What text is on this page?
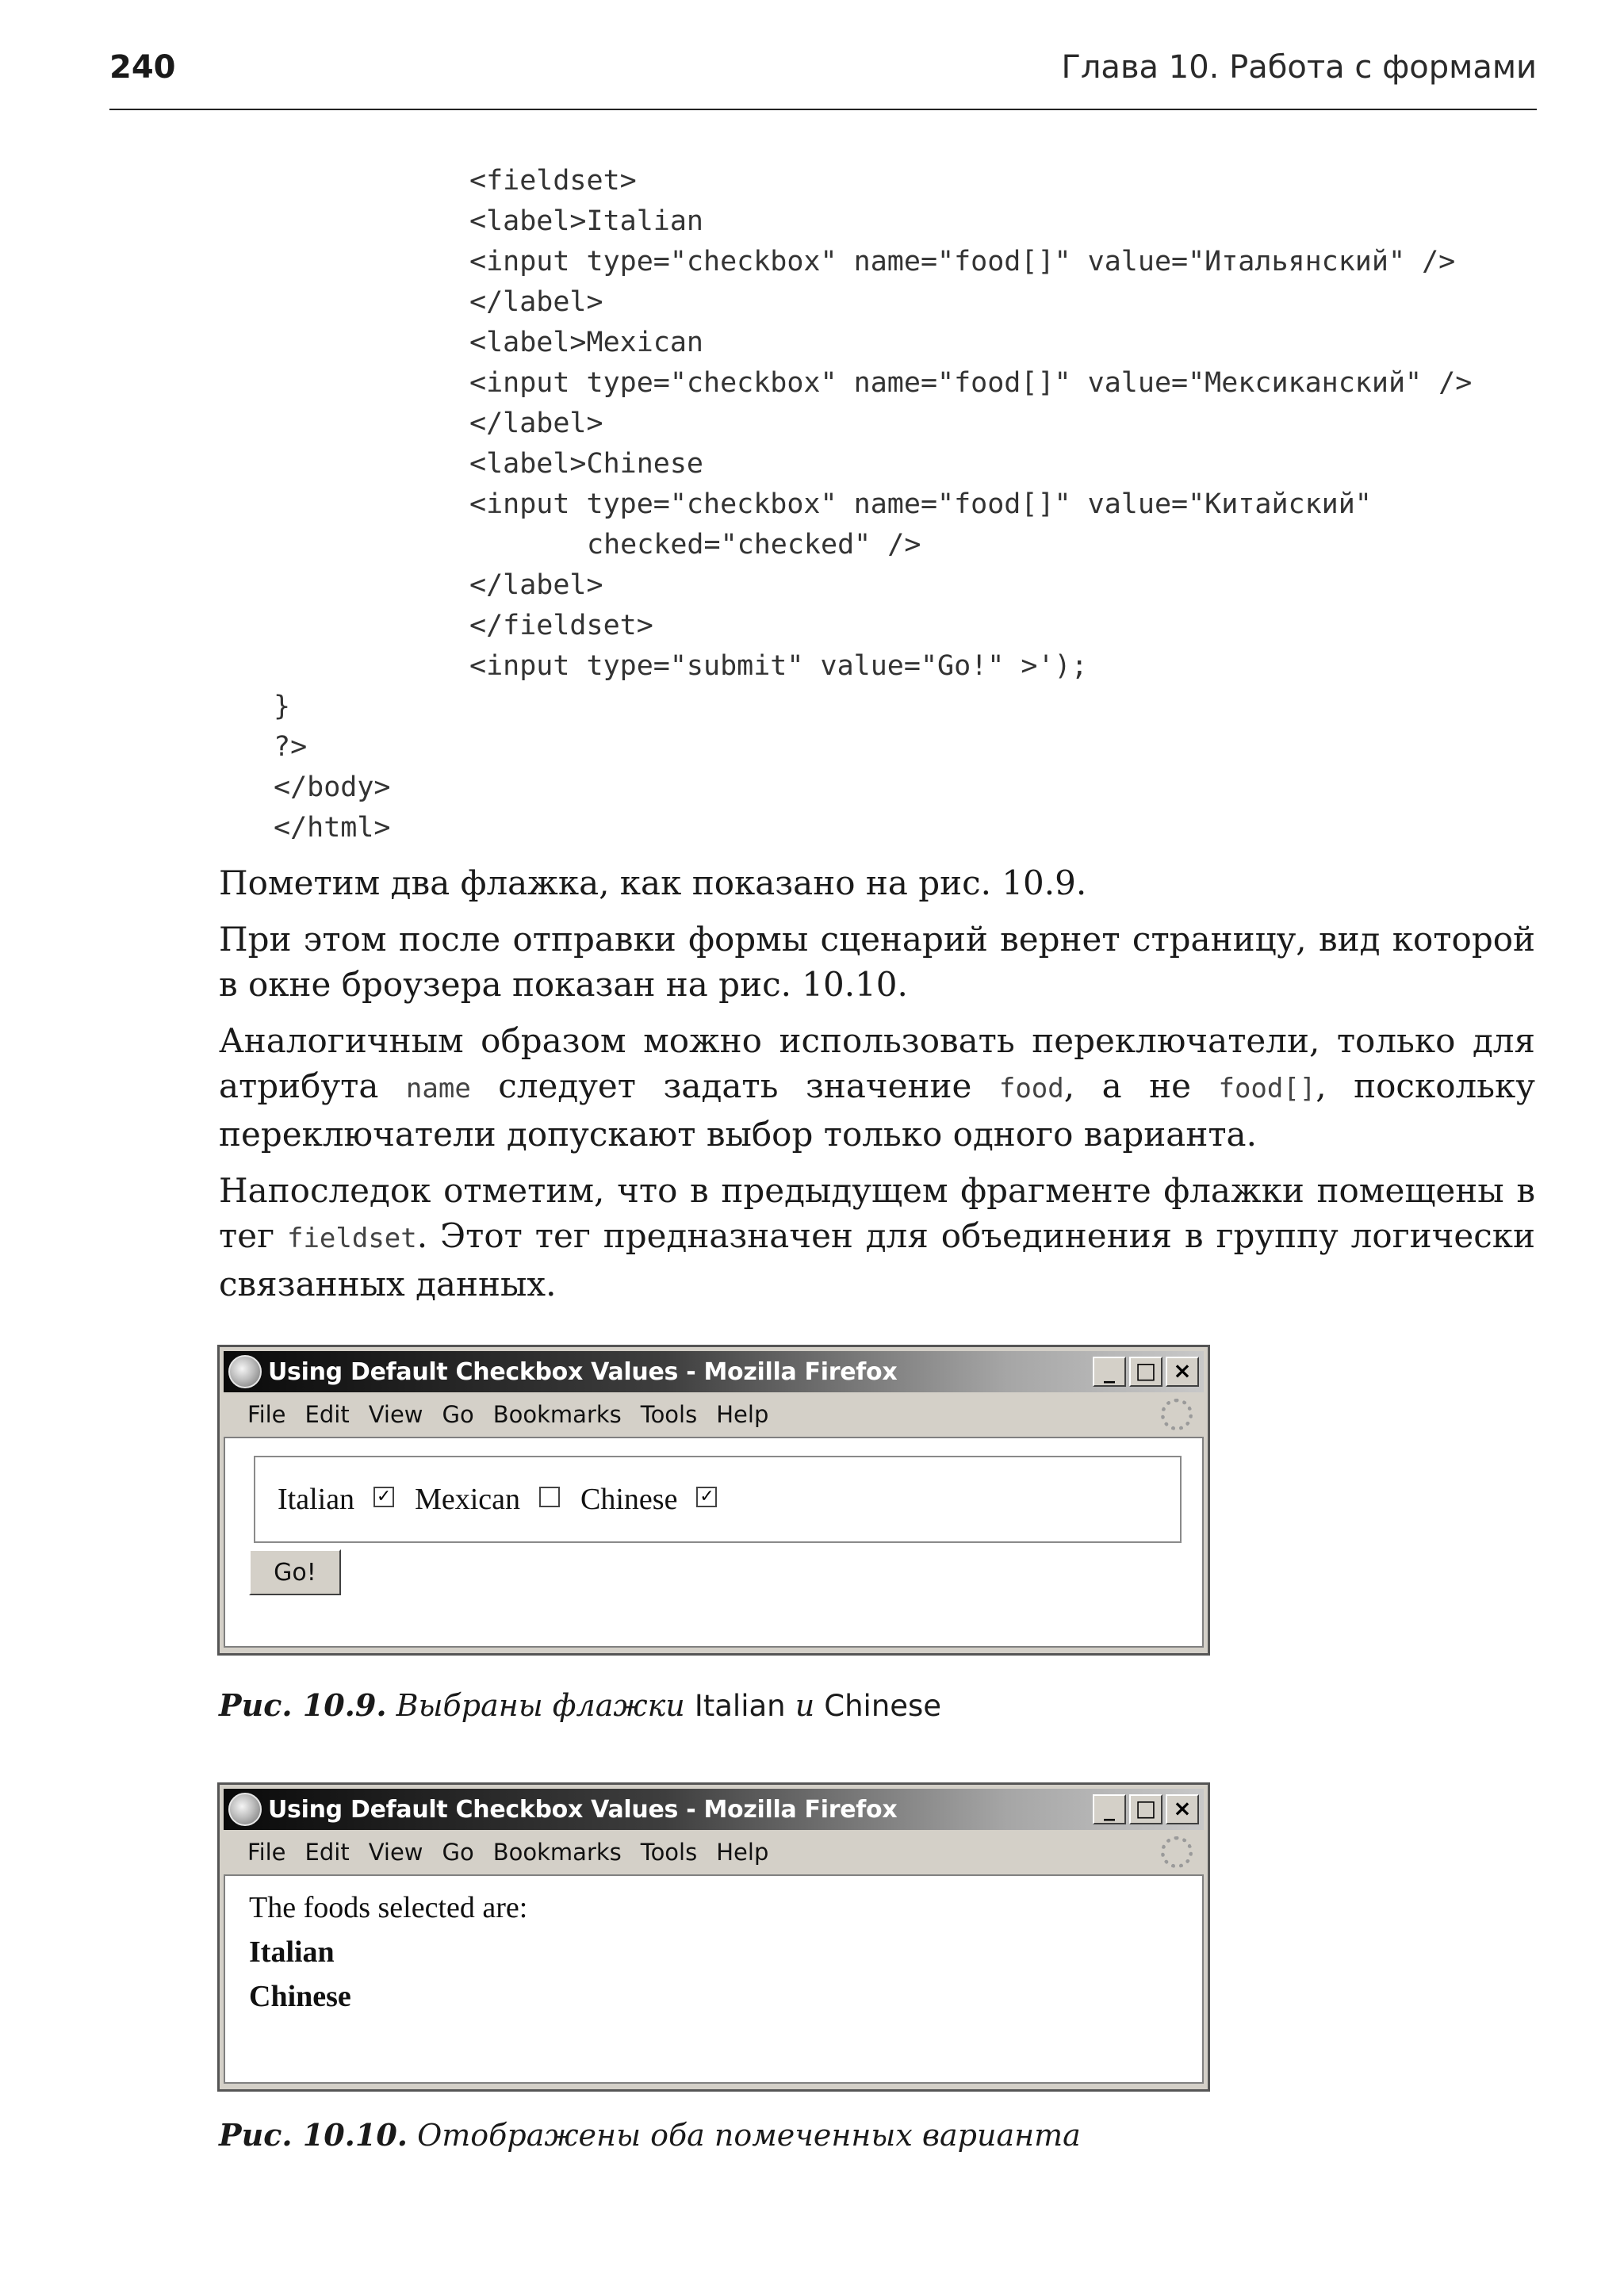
240	Глава 10. Работа с формами
<fieldset>
<label>Italian
<input type="checkbox" name="food[]" value="Итальянский" />
</label>
<label>Mexican
<input type="checkbox" name="food[]" value="Мексиканский" />
</label>
<label>Chinese
<input type="checkbox" name="food[]" value="Китайский"
checked="checked" />
</label>
</fieldset>
<input type="submit" value="Go!" >');
}
?>
</body>
</html>

Пометим два флажка, как показано на рис. 10.9.

При этом после отправки формы сценарий вернет страницу, вид которой в окне броузера показан на рис. 10.10.

Аналогичным образом можно использовать переключатели, только для атрибута name следует задать значение food, а не food[], поскольку переключатели допускают выбор только одного варианта.

Напоследок отметим, что в предыдущем фрагменте флажки помещены в тег fieldset. Этот тег предназначен для объединения в группу логически связанных данных.

Using Default Checkbox Values - Mozilla Firefox	_ □ ×
File Edit View Go Bookmarks Tools Help
Italian ✓ Mexican Chinese ✓
Go!
Рис. 10.9. Выбраны флажки Italian и Chinese
Using Default Checkbox Values - Mozilla Firefox	_ □ ×
File Edit View Go Bookmarks Tools Help
The foods selected are:
Italian
Chinese
Рис. 10.10. Отображены оба помеченных варианта
